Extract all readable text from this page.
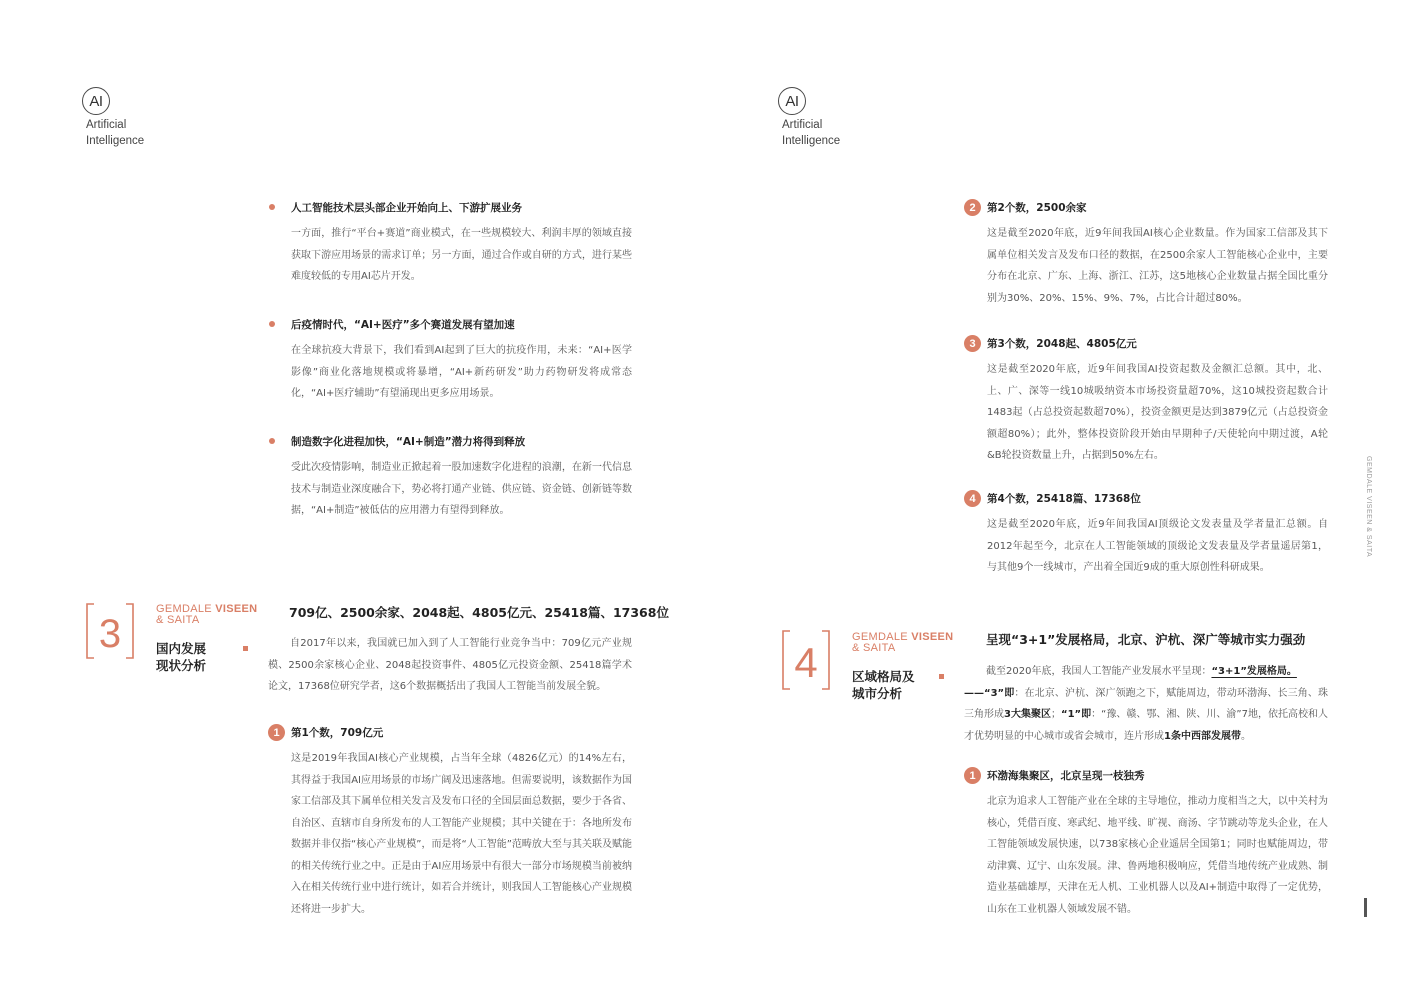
AI
Artificial
Intelligence
AI
Artificial
Intelligence
人工智能技术层头部企业开始向上、下游扩展业务
一方面，推行“平台+赛道”商业模式，在一些规模较大、利润丰厚的领域直接获取下游应用场景的需求订单；另一方面，通过合作或自研的方式，进行某些难度较低的专用AI芯片开发。
后疫情时代，“AI+医疗”多个赛道发展有望加速
在全球抗疫大背景下，我们看到AI起到了巨大的抗疫作用，未来：“AI+医学影像”商业化落地规模或将暴增，“AI+新药研发”助力药物研发将成常态化，“AI+医疗辅助”有望涌现出更多应用场景。
制造数字化进程加快，“AI+制造”潜力将得到释放
受此次疫情影响，制造业正掀起着一股加速数字化进程的浪潮，在新一代信息技术与制造业深度融合下，势必将打通产业链、供应链、资金链、创新链等数据，“AI+制造”被低估的应用潜力有望得到释放。
3
GEMDALE VISEEN
& SAITA
国内发展
现状分析
709亿、2500余家、2048起、4805亿元、25418篇、17368位
自2017年以来，我国就已加入到了人工智能行业竞争当中：709亿元产业规模、2500余家核心企业、2048起投资事件、4805亿元投资金额、25418篇学术论文，17368位研究学者，这6个数据概括出了我国人工智能当前发展全貌。
1	第1个数，709亿元
这是2019年我国AI核心产业规模，占当年全球（4826亿元）的14%左右，其得益于我国AI应用场景的市场广阔及迅速落地。但需要说明，该数据作为国家工信部及其下属单位相关发言及发布口径的全国层面总数据，要少于各省、自治区、直辖市自身所发布的人工智能产业规模；其中关键在于：各地所发布数据并非仅指“核心产业规模”，而是将“人工智能”范畴放大至与其关联及赋能的相关传统行业之中。正是由于AI应用场景中有很大一部分市场规模当前被纳入在相关传统行业中进行统计，如若合并统计，则我国人工智能核心产业规模还将进一步扩大。
2	第2个数，2500余家
这是截至2020年底，近9年间我国AI核心企业数量。作为国家工信部及其下属单位相关发言及发布口径的数据，在2500余家人工智能核心企业中，主要分布在北京、广东、上海、浙江、江苏，这5地核心企业数量占据全国比重分别为30%、20%、15%、9%、7%，占比合计超过80%。
3	第3个数，2048起、4805亿元
这是截至2020年底，近9年间我国AI投资起数及金额汇总额。其中，北、上、广、深等一线10城吸纳资本市场投资量超70%，这10城投资起数合计1483起（占总投资起数超70%），投资金额更是达到3879亿元（占总投资金额超80%）；此外，整体投资阶段开始由早期种子/天使轮向中期过渡，A轮&B轮投资数量上升，占据到50%左右。
4	第4个数，25418篇、17368位
这是截至2020年底，近9年间我国AI顶级论文发表量及学者量汇总额。自2012年起至今，北京在人工智能领域的顶级论文发表量及学者量遥居第1，与其他9个一线城市，产出着全国近9成的重大原创性科研成果。
4
GEMDALE VISEEN
& SAITA
区域格局及
城市分析
呈现“3+1”发展格局，北京、沪杭、深广等城市实力强劲
截至2020年底，我国人工智能产业发展水平呈现：“3+1”发展格局。
——“3”即：在北京、沪杭、深广领跑之下，赋能周边，带动环渤海、长三角、珠三角形成3大集聚区；“1”即：“豫、赣、鄂、湘、陕、川、渝”7地，依托高校和人才优势明显的中心城市或省会城市，连片形成1条中西部发展带。
1	环渤海集聚区，北京呈现一枝独秀
北京为追求人工智能产业在全球的主导地位，推动力度相当之大，以中关村为核心，凭借百度、寒武纪、地平线、旷视、商汤、字节跳动等龙头企业，在人工智能领域发展快速，以738家核心企业遥居全国第1；同时也赋能周边，带动津冀、辽宁、山东发展。津、鲁两地积极响应，凭借当地传统产业成熟、制造业基础雄厚，天津在无人机、工业机器人以及AI+制造中取得了一定优势，山东在工业机器人领域发展不错。
GEMDALE VISEEN & SAITA
